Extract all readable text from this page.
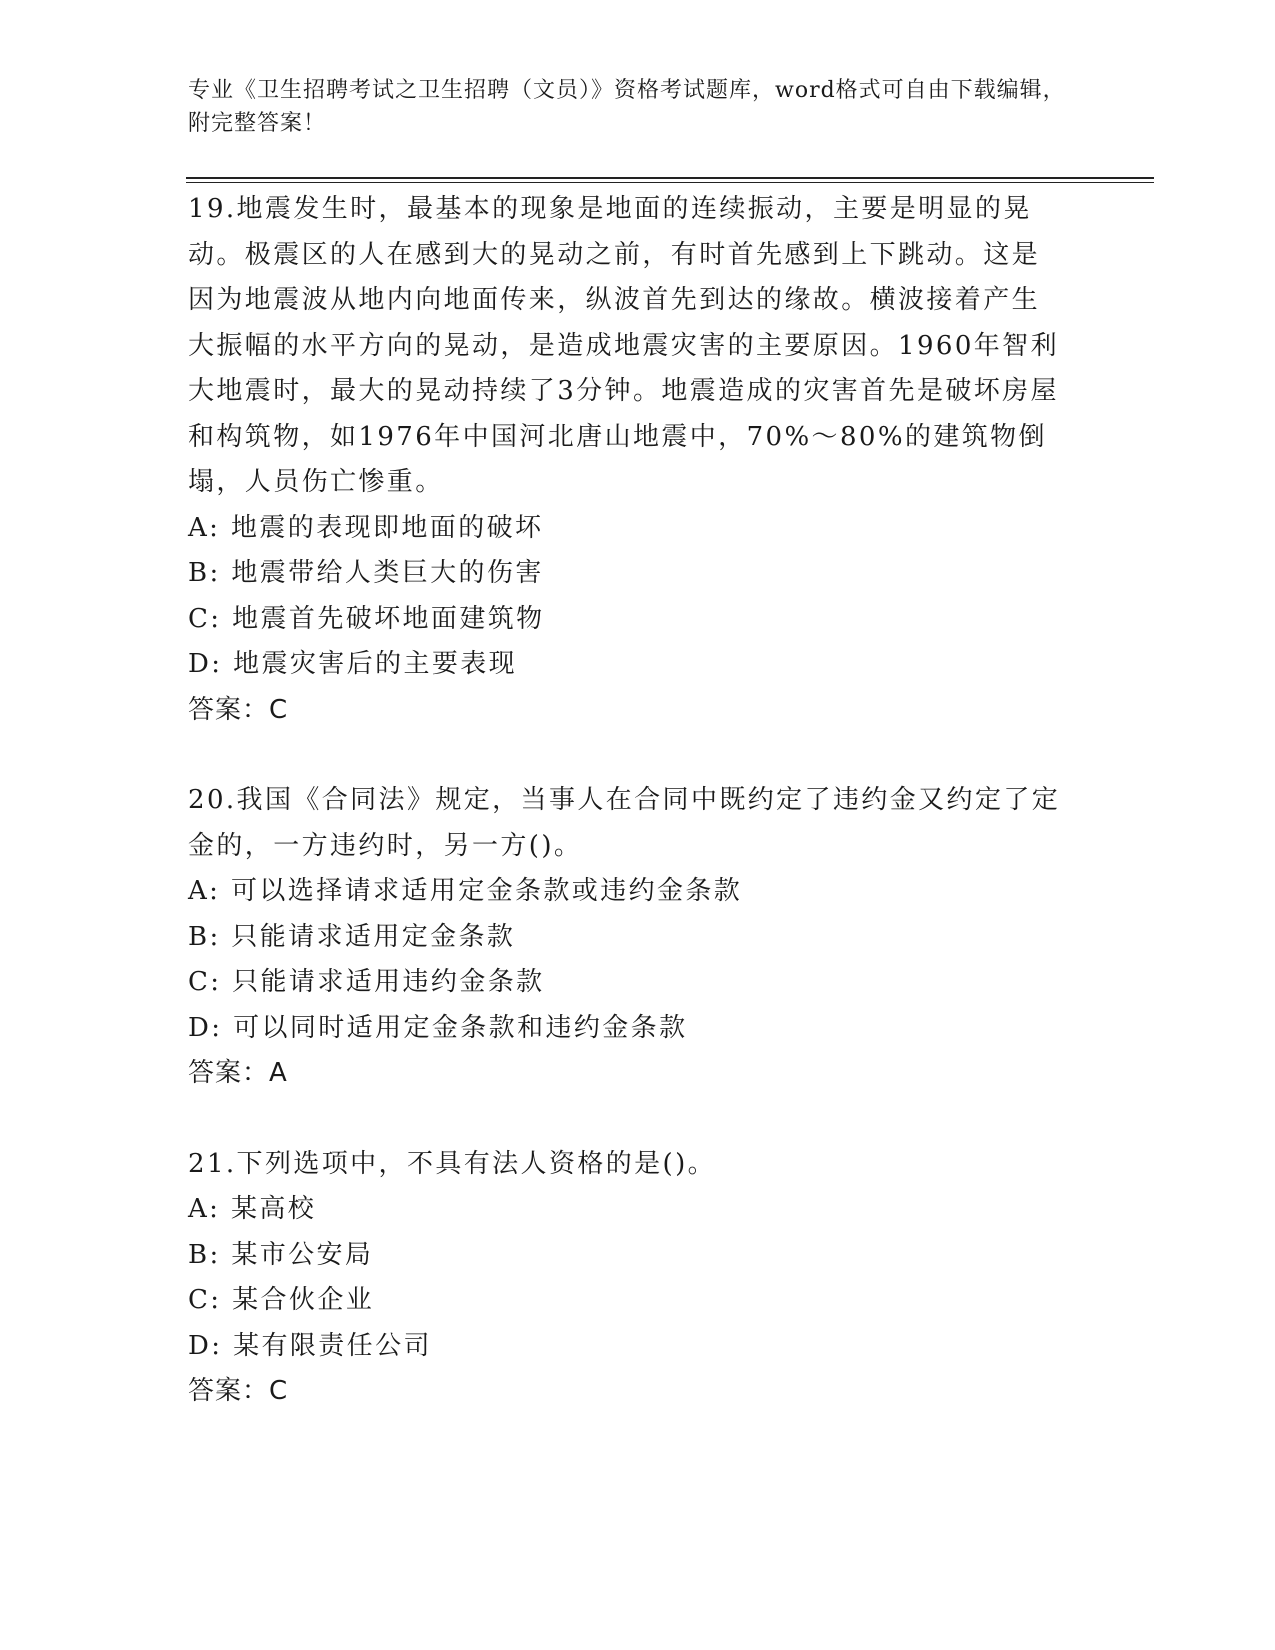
专业《卫生招聘考试之卫生招聘（文员）》资格考试题库，word格式可自由下载编辑，附完整答案！

19.地震发生时，最基本的现象是地面的连续振动，主要是明显的晃动。极震区的人在感到大的晃动之前，有时首先感到上下跳动。这是因为地震波从地内向地面传来，纵波首先到达的缘故。横波接着产生大振幅的水平方向的晃动，是造成地震灾害的主要原因。1960年智利大地震时，最大的晃动持续了3分钟。地震造成的灾害首先是破坏房屋和构筑物，如1976年中国河北唐山地震中，70%～80%的建筑物倒塌，人员伤亡惨重。

A: 地震的表现即地面的破坏

B: 地震带给人类巨大的伤害

C: 地震首先破坏地面建筑物

D: 地震灾害后的主要表现

答案：C

20.我国《合同法》规定，当事人在合同中既约定了违约金又约定了定金的，一方违约时，另一方()。

A: 可以选择请求适用定金条款或违约金条款

B: 只能请求适用定金条款

C: 只能请求适用违约金条款

D: 可以同时适用定金条款和违约金条款

答案：A

21.下列选项中，不具有法人资格的是()。

A: 某高校

B: 某市公安局

C: 某合伙企业

D: 某有限责任公司

答案：C
